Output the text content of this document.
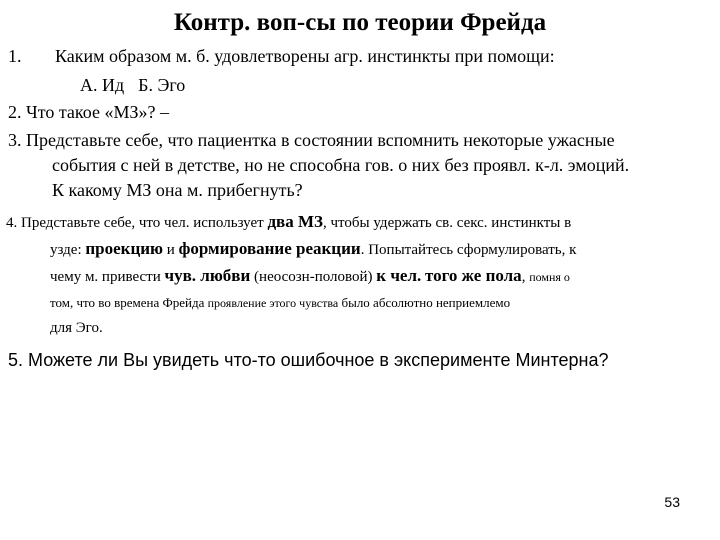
Контр. воп-сы по теории Фрейда
1. Каким образом м. б. удовлетворены агр. инстинкты при помощи:
А. Ид Б. Эго
2. Что такое «МЗ»? –
3. Представьте себе, что пациентка в состоянии вспомнить некоторые ужасные
события с ней в детстве, но не способна гов. о них без проявл. к-л. эмоций.
К какому МЗ она м. прибегнуть?
4. Представьте себе, что чел. использует два МЗ, чтобы удержать св. секс. инстинкты в
узде: проекцию и формирование реакции. Попытайтесь сформулировать, к
чему м. привести чув. любви (неосозн-половой) к чел. того же пола, помня о
том, что во времена Фрейда проявление этого чувства было абсолютно неприемлемо
для Эго.
5. Можете ли Вы увидеть что-то ошибочное в эксперименте Минтерна?
53
